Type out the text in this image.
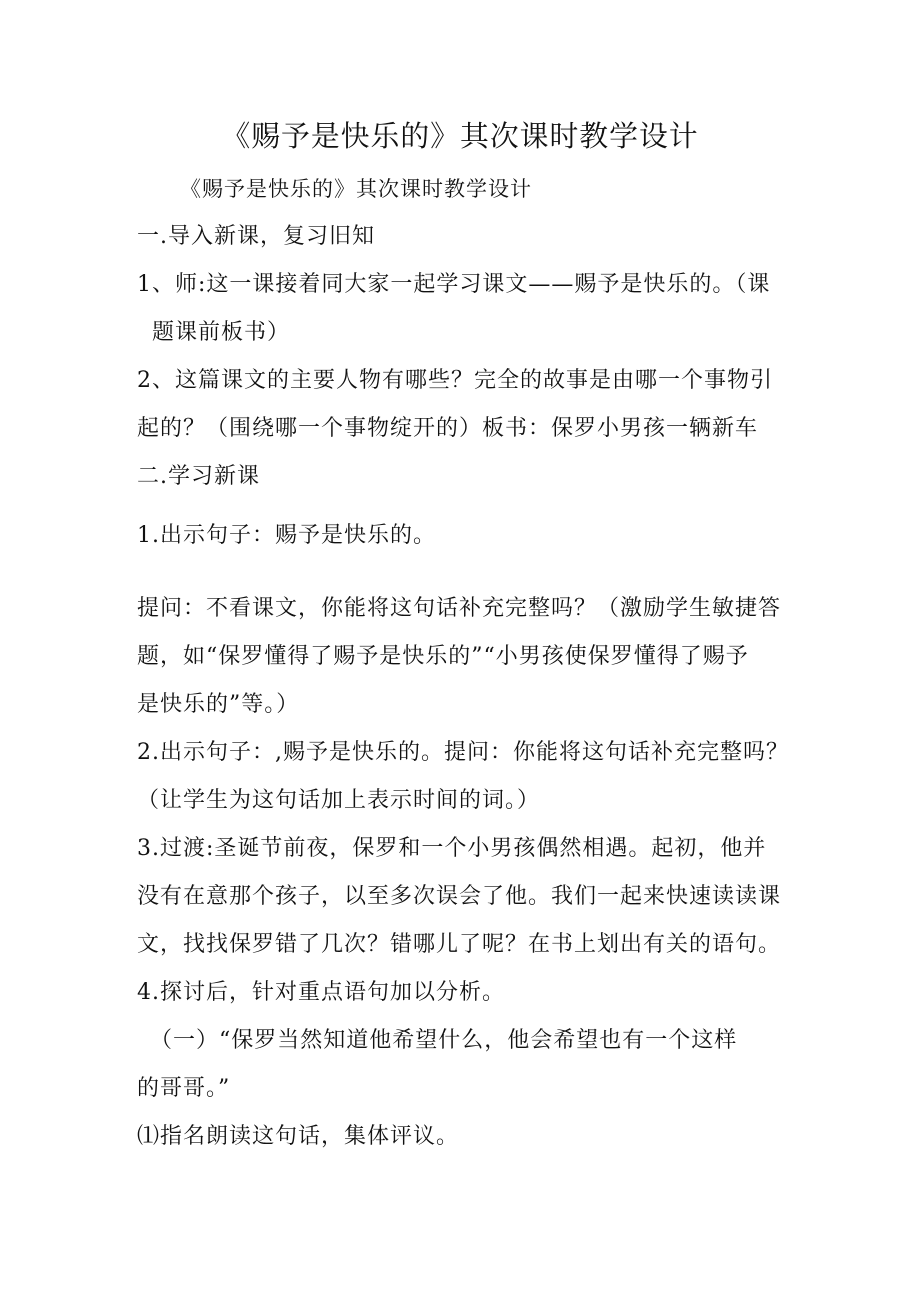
《赐予是快乐的》其次课时教学设计
《赐予是快乐的》其次课时教学设计
一.导入新课，复习旧知
1、师:这一课接着同大家一起学习课文——赐予是快乐的。（课
题课前板书）
2、这篇课文的主要人物有哪些？完全的故事是由哪一个事物引
起的？（围绕哪一个事物绽开的）板书：保罗小男孩一辆新车
二.学习新课
1.出示句子：赐予是快乐的。
提问：不看课文，你能将这句话补充完整吗？（激励学生敏捷答
题，如“保罗懂得了赐予是快乐的”“小男孩使保罗懂得了赐予
是快乐的”等。）
2.出示句子：,赐予是快乐的。提问：你能将这句话补充完整吗？
（让学生为这句话加上表示时间的词。）
3.过渡:圣诞节前夜，保罗和一个小男孩偶然相遇。起初，他并
没有在意那个孩子，以至多次误会了他。我们一起来快速读读课
文，找找保罗错了几次？错哪儿了呢？在书上划出有关的语句。
4.探讨后，针对重点语句加以分析。
（一）“保罗当然知道他希望什么，他会希望也有一个这样
的哥哥。”
⑴指名朗读这句话，集体评议。
